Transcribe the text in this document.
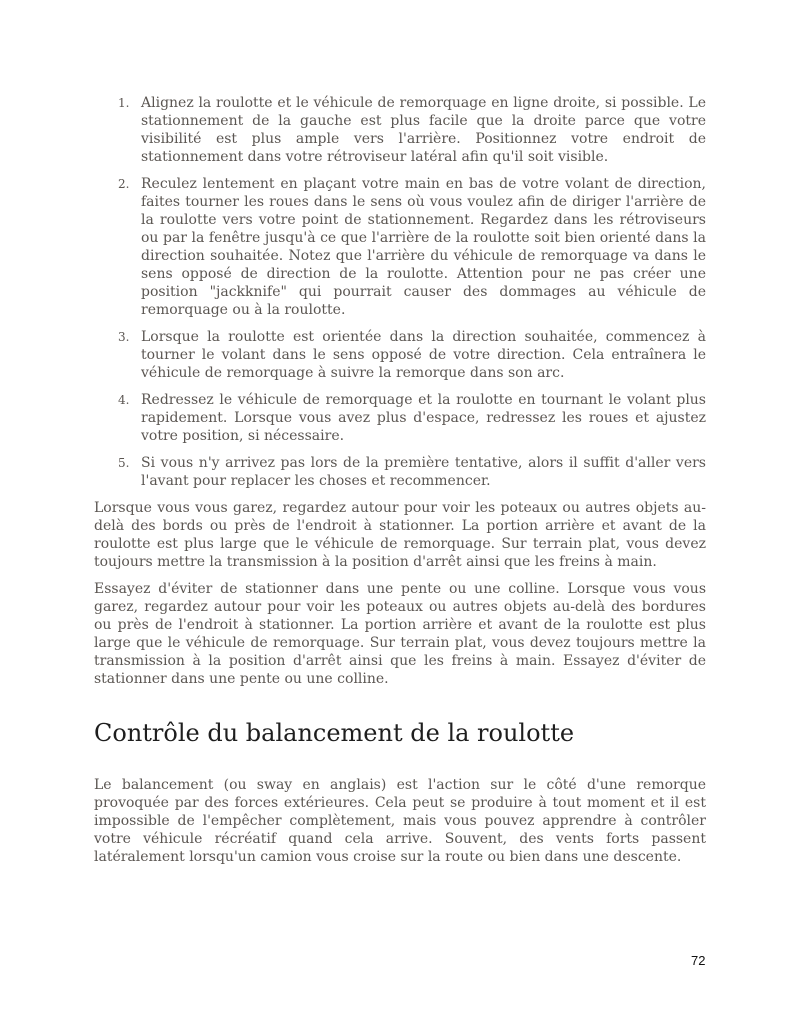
1. Alignez la roulotte et le véhicule de remorquage en ligne droite, si possible. Le stationnement de la gauche est plus facile que la droite parce que votre visibilité est plus ample vers l'arrière. Positionnez votre endroit de stationnement dans votre rétroviseur latéral afin qu'il soit visible.
2. Reculez lentement en plaçant votre main en bas de votre volant de direction, faites tourner les roues dans le sens où vous voulez afin de diriger l'arrière de la roulotte vers votre point de stationnement. Regardez dans les rétroviseurs ou par la fenêtre jusqu'à ce que l'arrière de la roulotte soit bien orienté dans la direction souhaitée. Notez que l'arrière du véhicule de remorquage va dans le sens opposé de direction de la roulotte. Attention pour ne pas créer une position "jackknife" qui pourrait causer des dommages au véhicule de remorquage ou à la roulotte.
3. Lorsque la roulotte est orientée dans la direction souhaitée, commencez à tourner le volant dans le sens opposé de votre direction. Cela entraînera le véhicule de remorquage à suivre la remorque dans son arc.
4. Redressez le véhicule de remorquage et la roulotte en tournant le volant plus rapidement. Lorsque vous avez plus d'espace, redressez les roues et ajustez votre position, si nécessaire.
5. Si vous n'y arrivez pas lors de la première tentative, alors il suffit d'aller vers l'avant pour replacer les choses et recommencer.

Lorsque vous vous garez, regardez autour pour voir les poteaux ou autres objets au-delà des bords ou près de l'endroit à stationner. La portion arrière et avant de la roulotte est plus large que le véhicule de remorquage. Sur terrain plat, vous devez toujours mettre la transmission à la position d'arrêt ainsi que les freins à main.

Essayez d'éviter de stationner dans une pente ou une colline. Lorsque vous vous garez, regardez autour pour voir les poteaux ou autres objets au-delà des bordures ou près de l'endroit à stationner. La portion arrière et avant de la roulotte est plus large que le véhicule de remorquage. Sur terrain plat, vous devez toujours mettre la transmission à la position d'arrêt ainsi que les freins à main. Essayez d'éviter de stationner dans une pente ou une colline.

Contrôle du balancement de la roulotte

Le balancement (ou sway en anglais) est l'action sur le côté d'une remorque provoquée par des forces extérieures. Cela peut se produire à tout moment et il est impossible de l'empêcher complètement, mais vous pouvez apprendre à contrôler votre véhicule récréatif quand cela arrive. Souvent, des vents forts passent latéralement lorsqu'un camion vous croise sur la route ou bien dans une descente.

72
